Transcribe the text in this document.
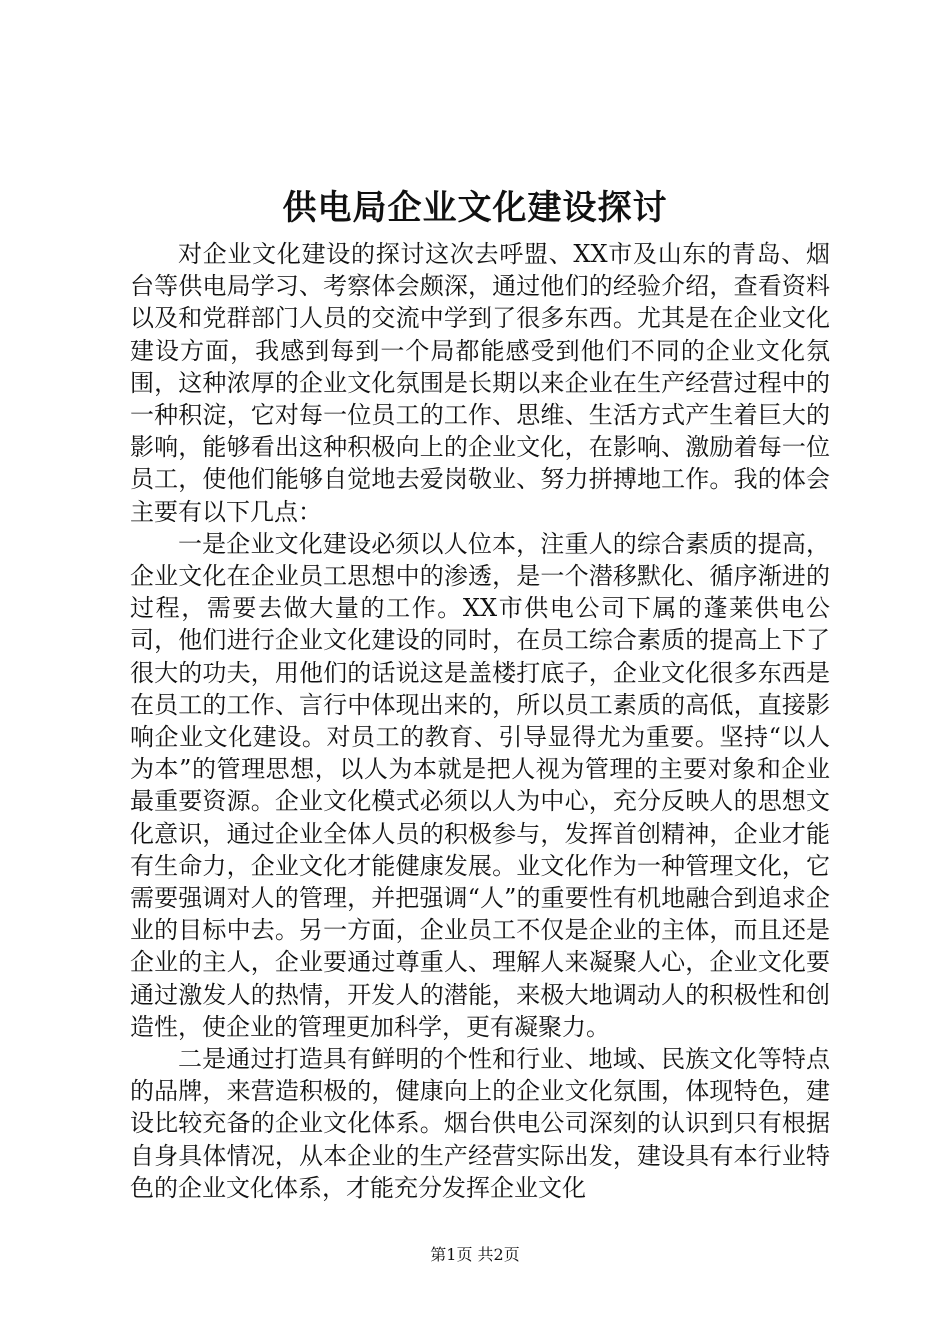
供电局企业文化建设探讨

对企业文化建设的探讨这次去呼盟、XX市及山东的青岛、烟台等供电局学习、考察体会颇深，通过他们的经验介绍，查看资料以及和党群部门人员的交流中学到了很多东西。尤其是在企业文化建设方面，我感到每到一个局都能感受到他们不同的企业文化氛围，这种浓厚的企业文化氛围是长期以来企业在生产经营过程中的一种积淀，它对每一位员工的工作、思维、生活方式产生着巨大的影响，能够看出这种积极向上的企业文化，在影响、激励着每一位员工，使他们能够自觉地去爱岗敬业、努力拼搏地工作。我的体会主要有以下几点：

一是企业文化建设必须以人位本，注重人的综合素质的提高，企业文化在企业员工思想中的渗透，是一个潜移默化、循序渐进的过程，需要去做大量的工作。XX市供电公司下属的蓬莱供电公司，他们进行企业文化建设的同时，在员工综合素质的提高上下了很大的功夫，用他们的话说这是盖楼打底子，企业文化很多东西是在员工的工作、言行中体现出来的，所以员工素质的高低，直接影响企业文化建设。对员工的教育、引导显得尤为重要。坚持“以人为本”的管理思想，以人为本就是把人视为管理的主要对象和企业最重要资源。企业文化模式必须以人为中心，充分反映人的思想文化意识，通过企业全体人员的积极参与，发挥首创精神，企业才能有生命力，企业文化才能健康发展。业文化作为一种管理文化，它需要强调对人的管理，并把强调“人”的重要性有机地融合到追求企业的目标中去。另一方面，企业员工不仅是企业的主体，而且还是企业的主人，企业要通过尊重人、理解人来凝聚人心，企业文化要通过激发人的热情，开发人的潜能，来极大地调动人的积极性和创造性，使企业的管理更加科学，更有凝聚力。

二是通过打造具有鲜明的个性和行业、地域、民族文化等特点的品牌，来营造积极的，健康向上的企业文化氛围，体现特色，建设比较充备的企业文化体系。烟台供电公司深刻的认识到只有根据自身具体情况，从本企业的生产经营实际出发，建设具有本行业特色的企业文化体系，才能充分发挥企业文化

第1页 共2页
